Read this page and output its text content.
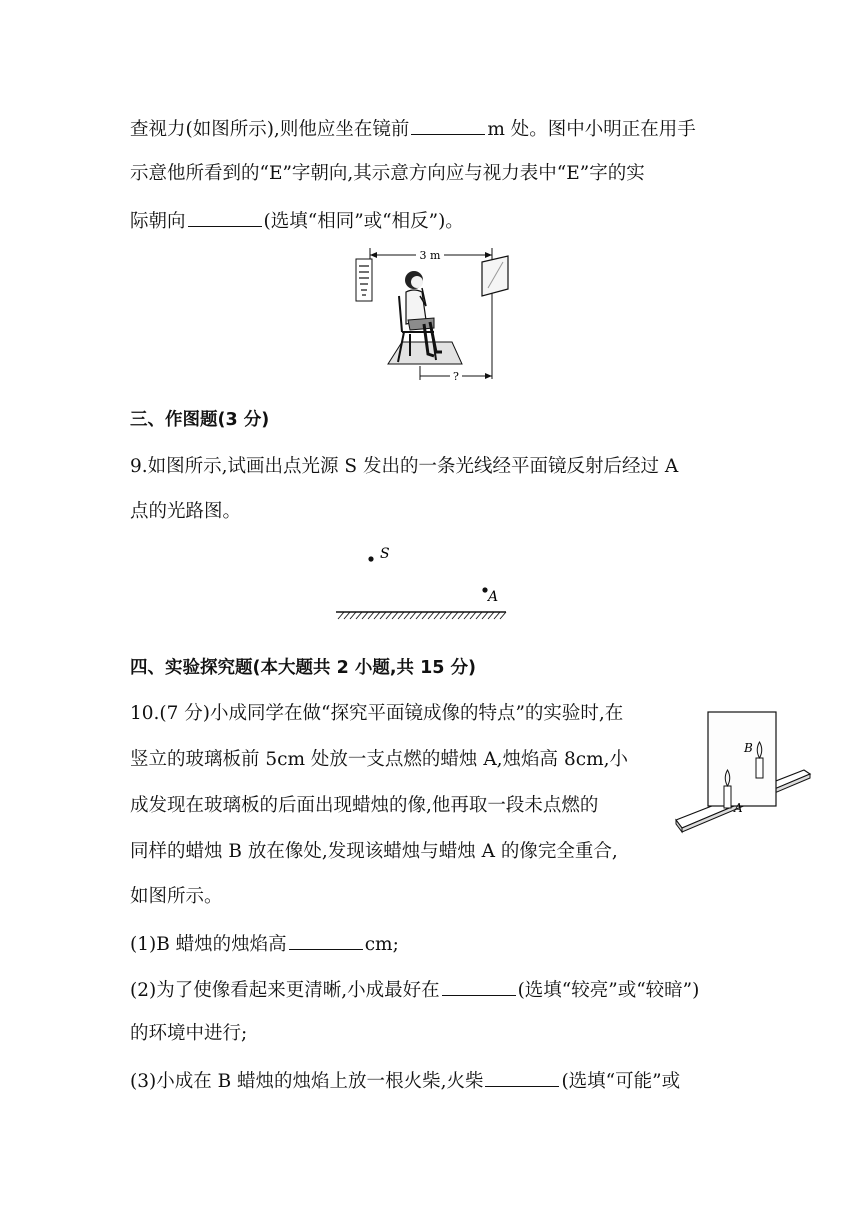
查视力(如图所示),则他应坐在镜前	m 处。图中小明正在用手
示意他所看到的“E”字朝向,其示意方向应与视力表中“E”字的实
际朝向	(选填“相同”或“相反”)。
3 m
?
三、作图题(3 分)
9.如图所示,试画出点光源 S 发出的一条光线经平面镜反射后经过 A
点的光路图。
S
A
四、实验探究题(本大题共 2 小题,共 15 分)
10.(7 分)小成同学在做“探究平面镜成像的特点”的实验时,在
竖立的玻璃板前 5cm 处放一支点燃的蜡烛 A,烛焰高 8cm,小
成发现在玻璃板的后面出现蜡烛的像,他再取一段未点燃的
同样的蜡烛 B 放在像处,发现该蜡烛与蜡烛 A 的像完全重合,
如图所示。
B
A
(1)B 蜡烛的烛焰高	cm;
(2)为了使像看起来更清晰,小成最好在	(选填“较亮”或“较暗”)
的环境中进行;
(3)小成在 B 蜡烛的烛焰上放一根火柴,火柴	(选填“可能”或
